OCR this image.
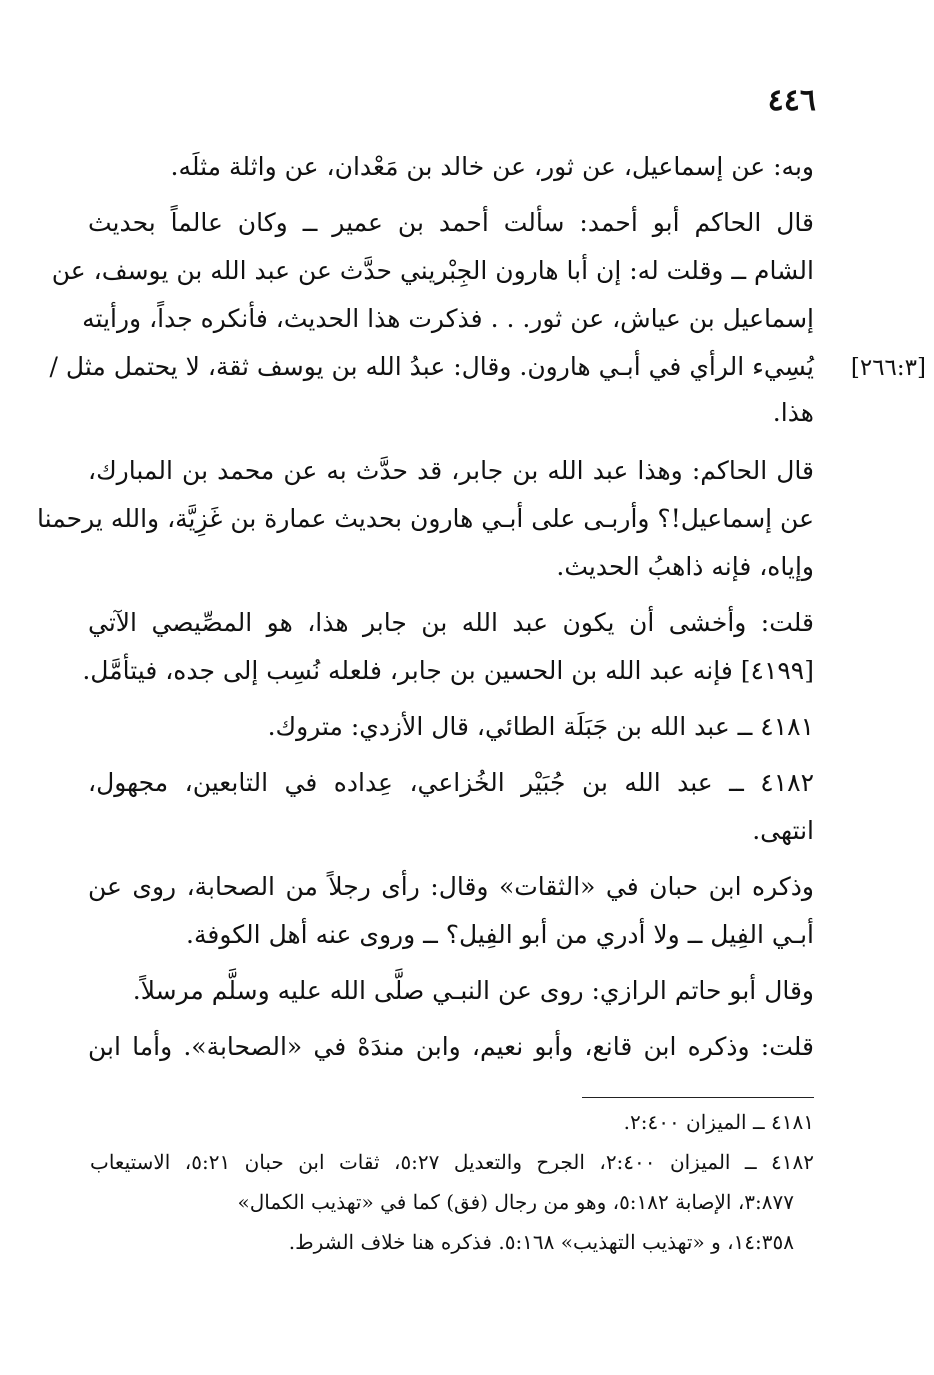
٤٤٦
وبه: عن إسماعيل، عن ثور، عن خالد بن مَعْدان، عن واثلة مثلَه.
قال الحاكم أبو أحمد: سألت أحمد بن عمير ــ وكان عالماً بحديث
الشام ــ وقلت له: إن أبا هارون الجِبْريني حدَّث عن عبد الله بن يوسف، عن
إسماعيل بن عياش، عن ثور. . . فذكرت هذا الحديث، فأنكره جداً، ورأيته
يُسِيء الرأي في أبـي هارون. وقال: عبدُ الله بن يوسف ثقة، لا يحتمل مثل / [٢٦٦:٣]
هذا.
قال الحاكم: وهذا عبد الله بن جابر، قد حدَّث به عن محمد بن المبارك،
عن إسماعيل!؟ وأربـى على أبـي هارون بحديث عمارة بن غَزِيَّة، والله يرحمنا
وإياه، فإنه ذاهبُ الحديث.
قلت: وأخشى أن يكون عبد الله بن جابر هذا، هو المصِّيصي الآتي
[٤١٩٩] فإنه عبد الله بن الحسين بن جابر، فلعله نُسِب إلى جده، فيتأمَّل.
٤١٨١ ــ عبد الله بن جَبَلَة الطائي، قال الأزدي: متروك.
٤١٨٢ ــ عبد الله بن جُبَيْر الخُزاعي، عِداده في التابعين، مجهول،
انتهى.
وذكره ابن حبان في «الثقات» وقال: رأى رجلاً من الصحابة، روى عن
أبـي الفِيل ــ ولا أدري من أبو الفِيل؟ ــ وروى عنه أهل الكوفة.
وقال أبو حاتم الرازي: روى عن النبـي صلَّى الله عليه وسلَّم مرسلاً.
قلت: وذكره ابن قانع، وأبو نعيم، وابن مندَهْ في «الصحابة». وأما ابن
٤١٨١ ــ الميزان ٢:٤٠٠.
٤١٨٢ ــ الميزان ٢:٤٠٠، الجرح والتعديل ٥:٢٧، ثقات ابن حبان ٥:٢١، الاستيعاب
٣:٨٧٧، الإصابة ٥:١٨٢، وهو من رجال (فق) كما في «تهذيب الكمال»
١٤:٣٥٨، و «تهذيب التهذيب» ٥:١٦٨. فذكره هنا خلاف الشرط.
